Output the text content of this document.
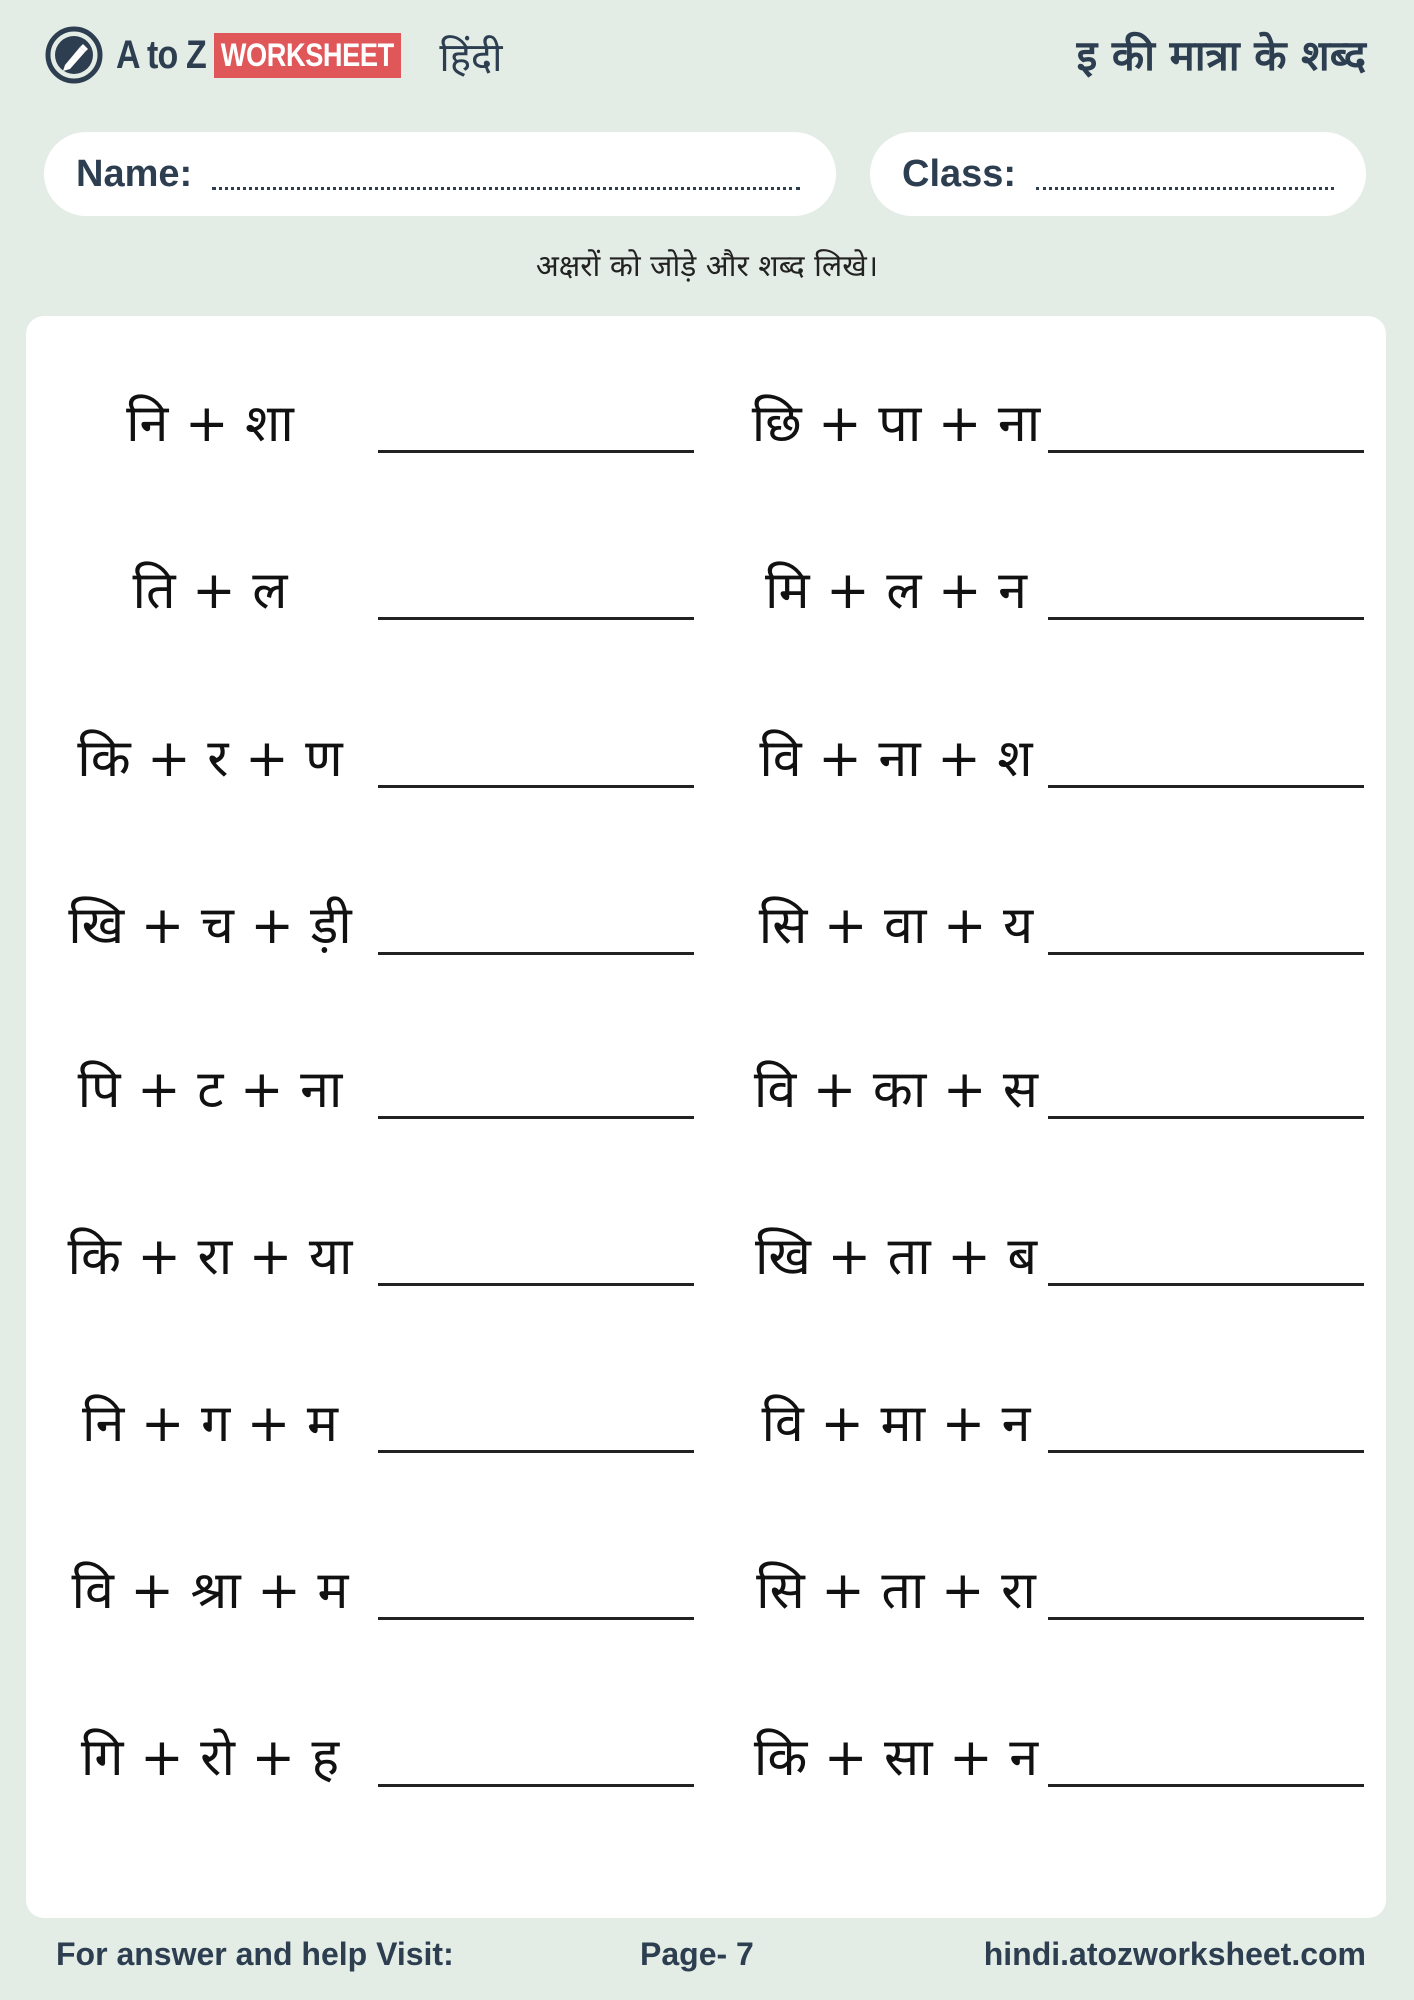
A to Z WORKSHEET हिंदी	इ की मात्रा के शब्द
Name:	Class:
अक्षरों को जोड़े और शब्द लिखे।
नि + शा	छि + पा + ना
ति + ल	मि + ल + न
कि + र + ण	वि + ना + श
खि + च + ड़ी	सि + वा + य
पि + ट + ना	वि + का + स
कि + रा + या	खि + ता + ब
नि + ग + म	वि + मा + न
वि + श्रा + म	सि + ता + रा
गि + रो + ह	कि + सा + न
For answer and help Visit:	Page- 7	hindi.atozworksheet.com
